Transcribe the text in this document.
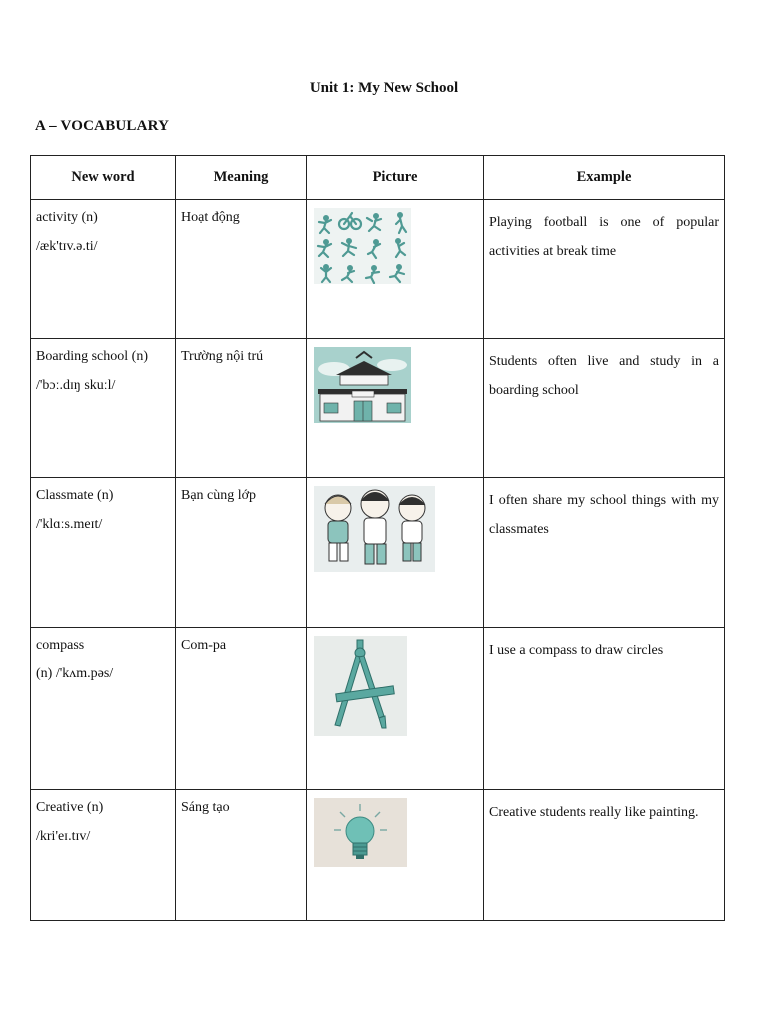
Unit 1: My New School
A – VOCABULARY
New word	Meaning	Picture	Example

activity (n)
/æk'tɪv.ə.ti/	Hoạt động		Playing football is one of popular activities at break time

Boarding school (n)
/'bɔː.dɪŋ skuːl/	Trường nội trú		Students often live and study in a boarding school

Classmate (n)
/'klɑːs.meɪt/	Bạn cùng lớp		I often share my school things with my classmates

compass
(n) /'kʌm.pəs/	Com-pa		I use a compass to draw circles

Creative (n)
/kri'eɪ.tɪv/	Sáng tạo		Creative students really like painting.
